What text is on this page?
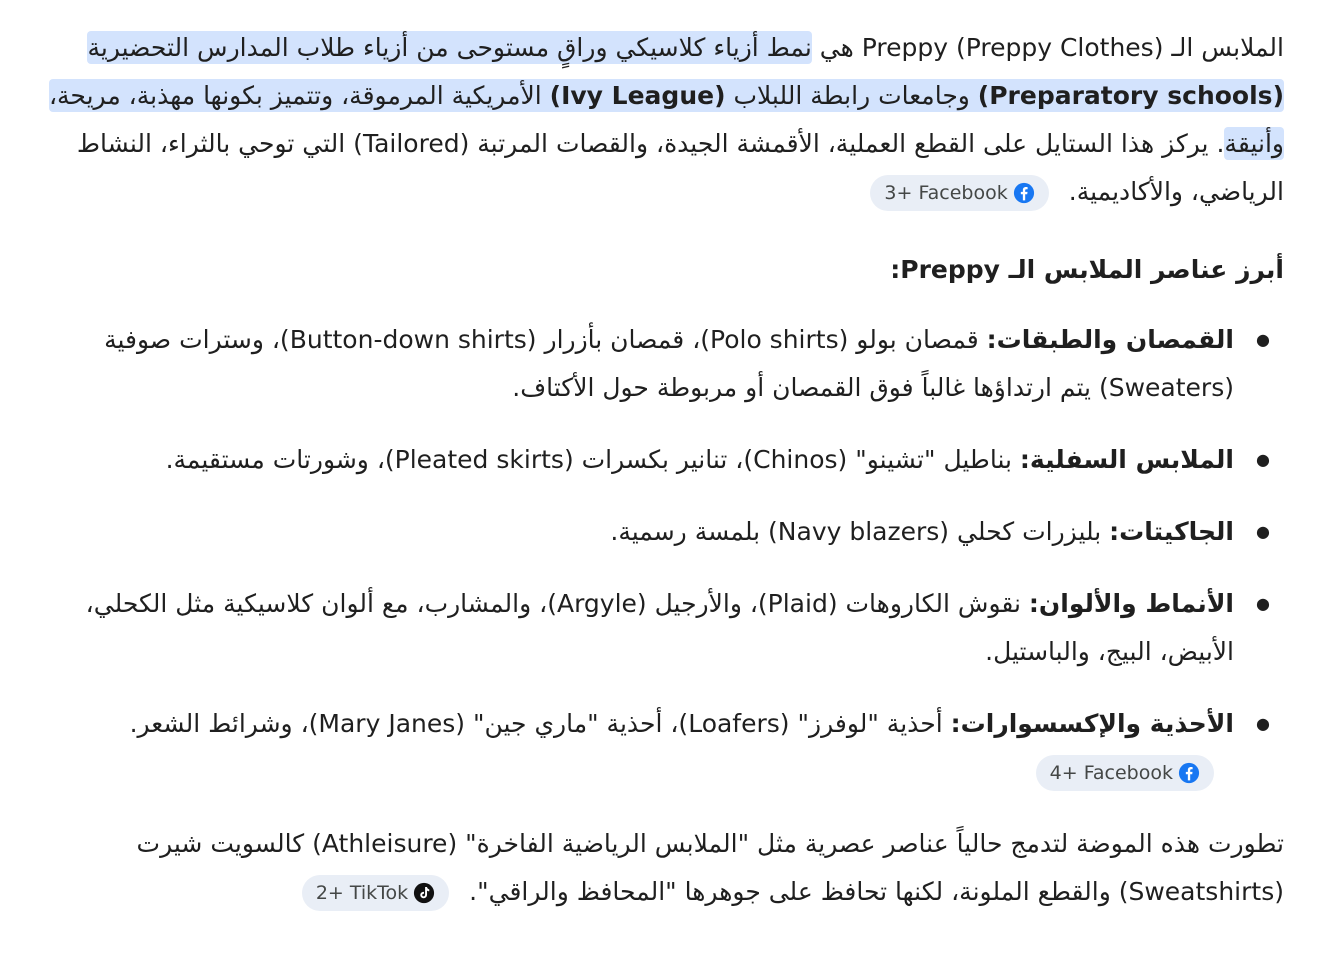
الملابس الـ Preppy (Preppy Clothes) هي نمط أزياء كلاسيكي وراقٍ مستوحى من أزياء طلاب المدارس التحضيرية (Preparatory schools) وجامعات رابطة اللبلاب (Ivy League) الأمريكية المرموقة، وتتميز بكونها مهذبة، مريحة، وأنيقة. يركز هذا الستايل على القطع العملية، الأقمشة الجيدة، والقصات المرتبة (Tailored) التي توحي بالثراء، النشاط الرياضي، والأكاديمية.
3+ Facebook

أبرز عناصر الملابس الـ Preppy:

●
القمصان والطبقات: قمصان بولو (Polo shirts)، قمصان بأزرار (Button-down shirts)، وسترات صوفية (Sweaters) يتم ارتداؤها غالباً فوق القمصان أو مربوطة حول الأكتاف.
●
الملابس السفلية: بناطيل "تشينو" (Chinos)، تنانير بكسرات (Pleated skirts)، وشورتات مستقيمة.
●
الجاكيتات: بليزرات كحلي (Navy blazers) بلمسة رسمية.
●
الأنماط والألوان: نقوش الكاروهات (Plaid)، والأرجيل (Argyle)، والمشارب، مع ألوان كلاسيكية مثل الكحلي، الأبيض، البيج، والباستيل.
●
الأحذية والإكسسوارات: أحذية "لوفرز" (Loafers)، أحذية "ماري جين" (Mary Janes)، وشرائط الشعر.
4+ Facebook

تطورت هذه الموضة لتدمج حالياً عناصر عصرية مثل "الملابس الرياضية الفاخرة" (Athleisure) كالسويت شيرت (Sweatshirts) والقطع الملونة، لكنها تحافظ على جوهرها "المحافظ والراقي".
2+ TikTok
